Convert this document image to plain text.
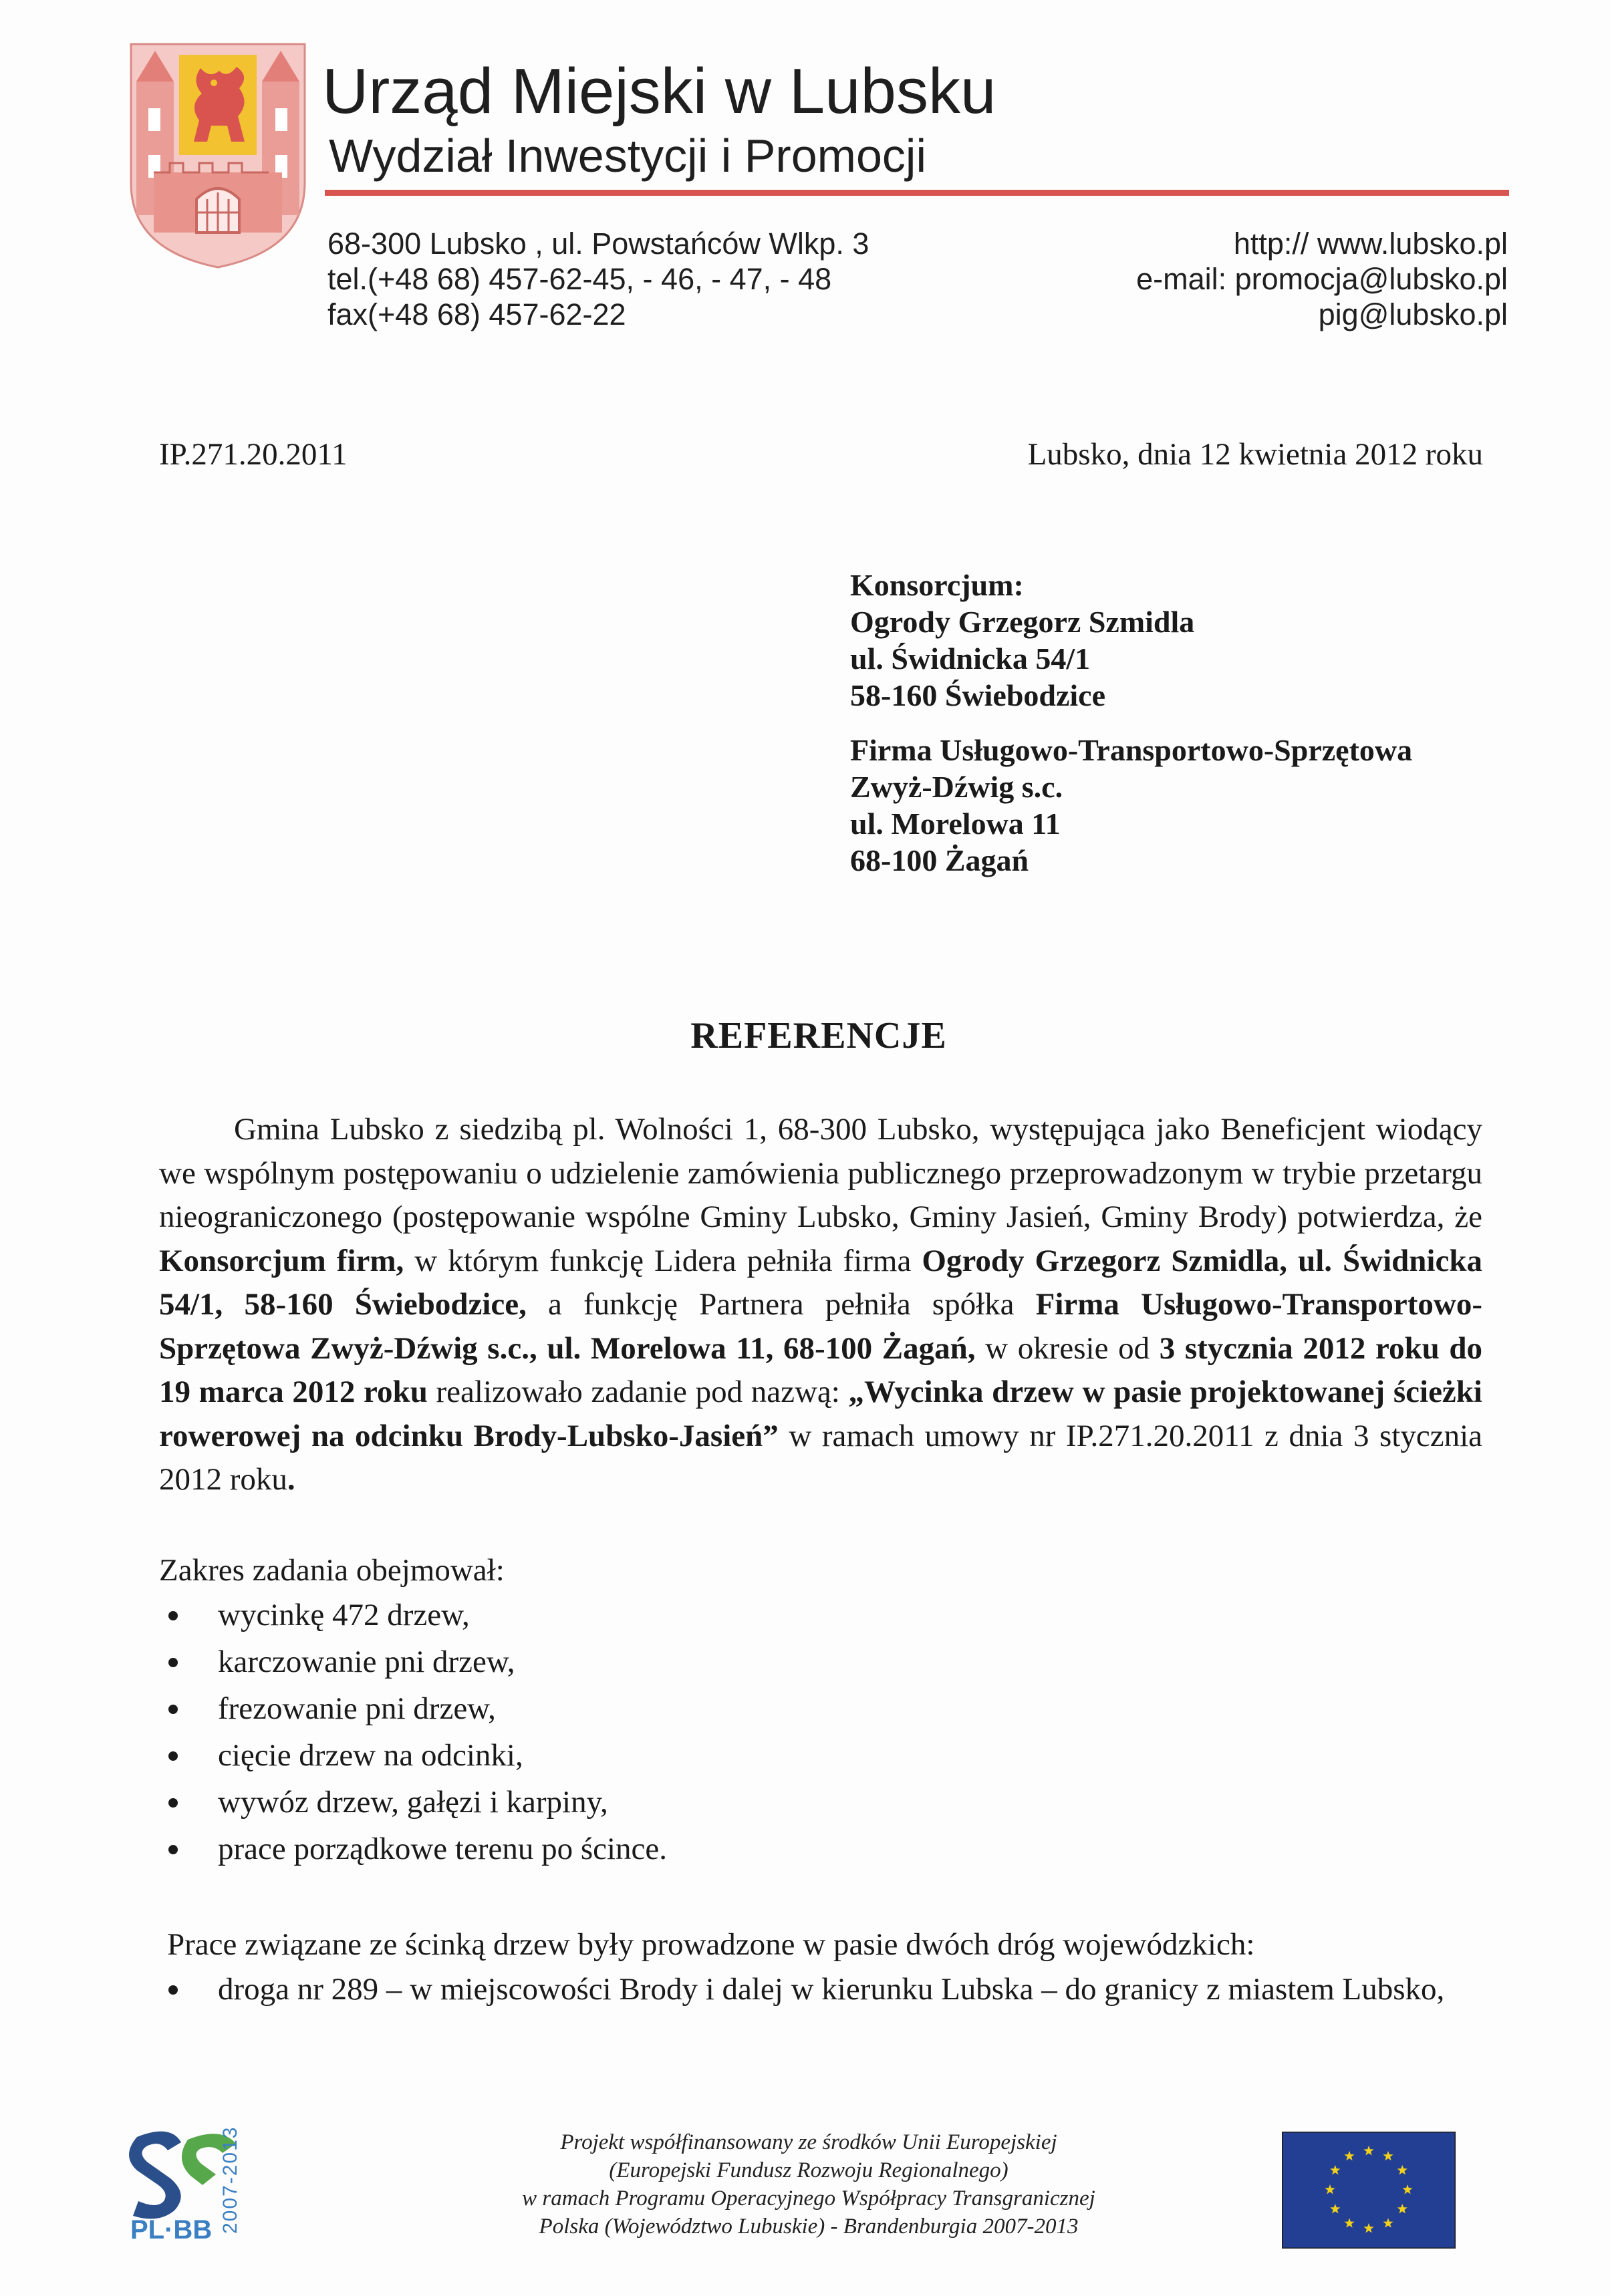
Urząd Miejski w Lubsku
Wydział Inwestycji i Promocji
68-300 Lubsko , ul. Powstańców Wlkp. 3
tel.(+48 68) 457-62-45, - 46, - 47, - 48
fax(+48 68) 457-62-22
http:// www.lubsko.pl
e-mail: promocja@lubsko.pl
pig@lubsko.pl
IP.271.20.2011	Lubsko, dnia 12 kwietnia 2012 roku
Konsorcjum:
Ogrody Grzegorz Szmidla
ul. Świdnicka 54/1
58-160 Świebodzice
Firma Usługowo-Transportowo-Sprzętowa
Zwyż-Dźwig s.c.
ul. Morelowa 11
68-100 Żagań
REFERENCJE

Gmina Lubsko z siedzibą pl. Wolności 1, 68-300 Lubsko, występująca jako Beneficjent wiodący we wspólnym postępowaniu o udzielenie zamówienia publicznego przeprowadzonym w trybie przetargu nieograniczonego (postępowanie wspólne Gminy Lubsko, Gminy Jasień, Gminy Brody) potwierdza, że Konsorcjum firm, w którym funkcję Lidera pełniła firma Ogrody Grzegorz Szmidla, ul. Świdnicka 54/1, 58-160 Świebodzice, a funkcję Partnera pełniła spółka Firma Usługowo-Transportowo-Sprzętowa Zwyż-Dźwig s.c., ul. Morelowa 11, 68-100 Żagań, w okresie od 3 stycznia 2012 roku do 19 marca 2012 roku realizowało zadanie pod nazwą: „Wycinka drzew w pasie projektowanej ścieżki rowerowej na odcinku Brody-Lubsko-Jasień” w ramach umowy nr IP.271.20.2011 z dnia 3 stycznia 2012 roku.

Zakres zadania obejmował:
wycinkę 472 drzew,
karczowanie pni drzew,
frezowanie pni drzew,
cięcie drzew na odcinki,
wywóz drzew, gałęzi i karpiny,
prace porządkowe terenu po ścince.
Prace związane ze ścinką drzew były prowadzone w pasie dwóch dróg wojewódzkich:
droga nr 289 – w miejscowości Brody i dalej w kierunku Lubska – do granicy z miastem Lubsko,
PL·BB 2007-2013	Projekt współfinansowany ze środków Unii Europejskiej
(Europejski Fundusz Rozwoju Regionalnego)
w ramach Programu Operacyjnego Współpracy Transgranicznej
Polska (Województwo Lubuskie) - Brandenburgia 2007-2013
